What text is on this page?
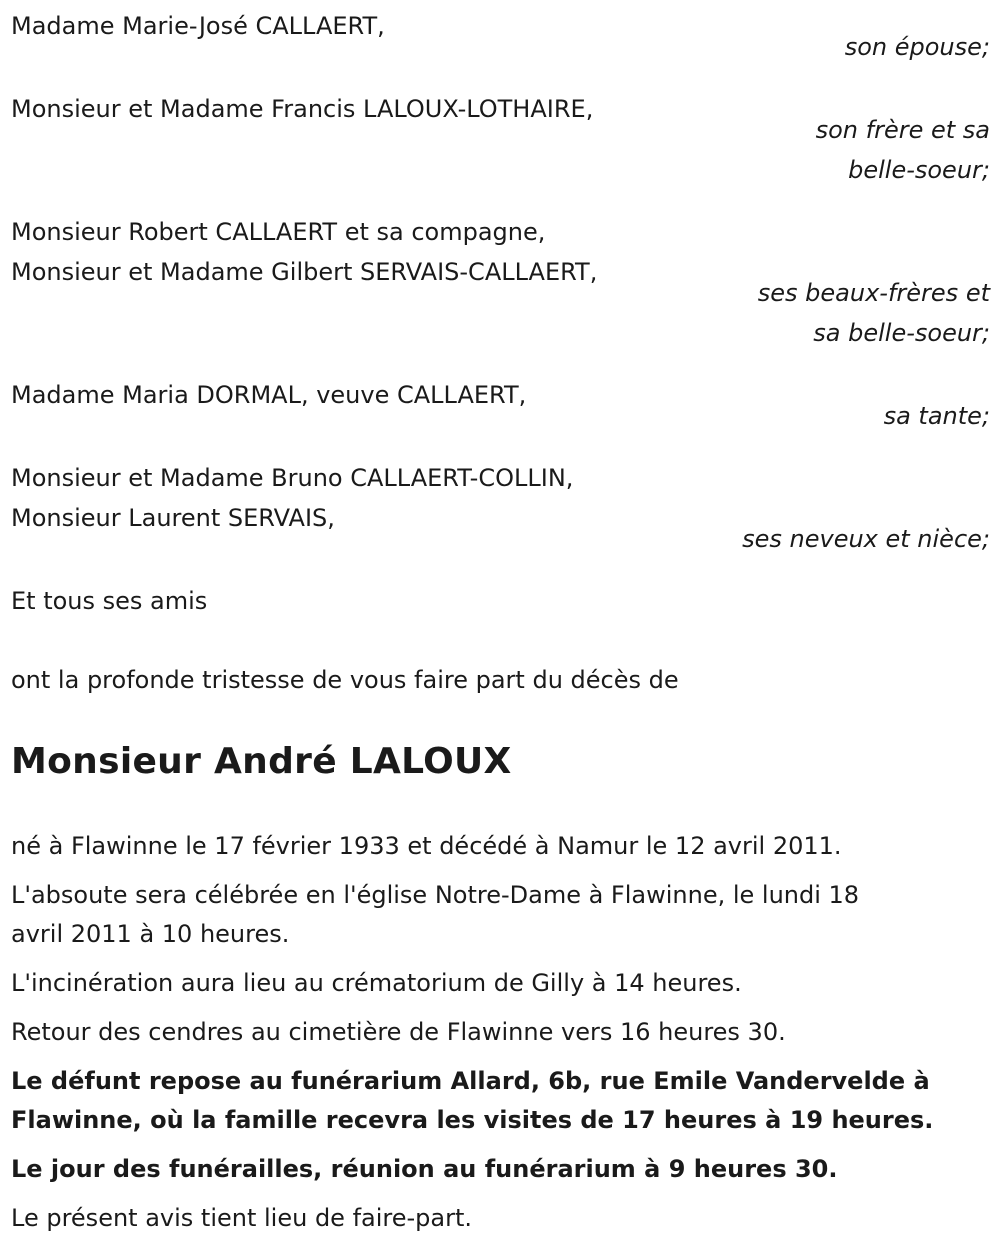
Madame Marie-José CALLAERT,
son épouse;
Monsieur et Madame Francis LALOUX-LOTHAIRE,
son frère et sa
belle-soeur;
Monsieur Robert CALLAERT et sa compagne,
Monsieur et Madame Gilbert SERVAIS-CALLAERT,
ses beaux-frères et
sa belle-soeur;
Madame Maria DORMAL, veuve CALLAERT,
sa tante;
Monsieur et Madame Bruno CALLAERT-COLLIN,
Monsieur Laurent SERVAIS,
ses neveux et nièce;
Et tous ses amis
ont la profonde tristesse de vous faire part du décès de
Monsieur André LALOUX
né à Flawinne le 17 février 1933 et décédé à Namur le 12 avril 2011.
L'absoute sera célébrée en l'église Notre-Dame à Flawinne, le lundi 18
avril 2011 à 10 heures.
L'incinération aura lieu au crématorium de Gilly à 14 heures.
Retour des cendres au cimetière de Flawinne vers 16 heures 30.
Le défunt repose au funérarium Allard, 6b, rue Emile Vandervelde à
Flawinne, où la famille recevra les visites de 17 heures à 19 heures.
Le jour des funérailles, réunion au funérarium à 9 heures 30.
Le présent avis tient lieu de faire-part.
